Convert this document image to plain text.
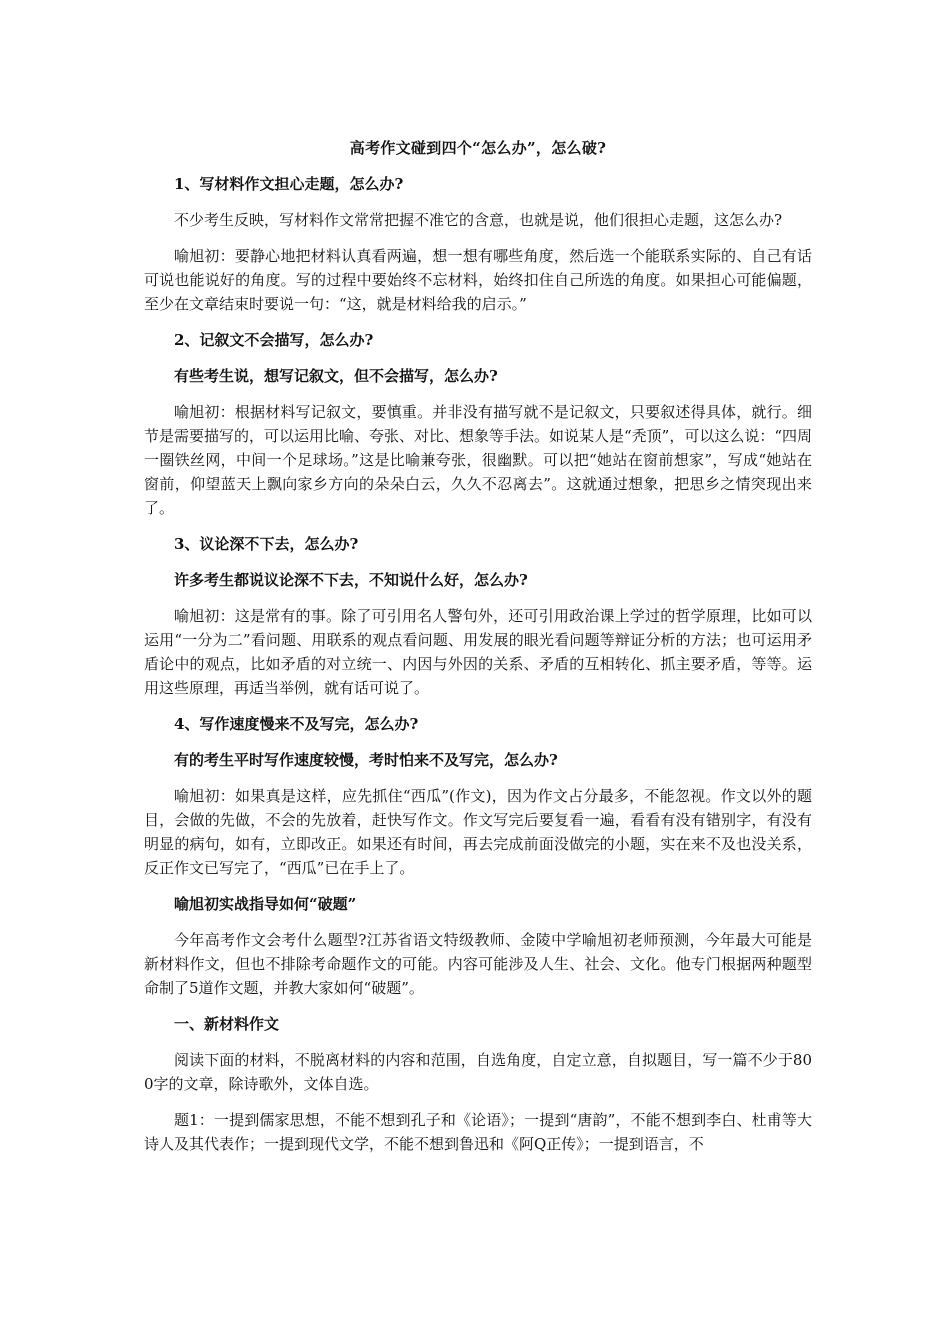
高考作文碰到四个“怎么办”，怎么破?
1、写材料作文担心走题，怎么办?
不少考生反映，写材料作文常常把握不准它的含意，也就是说，他们很担心走题，这怎么办?
喻旭初：要静心地把材料认真看两遍，想一想有哪些角度，然后选一个能联系实际的、自己有话可说也能说好的角度。写的过程中要始终不忘材料，始终扣住自己所选的角度。如果担心可能偏题，至少在文章结束时要说一句：“这，就是材料给我的启示。”
2、记叙文不会描写，怎么办?
有些考生说，想写记叙文，但不会描写，怎么办?
喻旭初：根据材料写记叙文，要慎重。并非没有描写就不是记叙文，只要叙述得具体，就行。细节是需要描写的，可以运用比喻、夸张、对比、想象等手法。如说某人是“秃顶”，可以这么说：“四周一圈铁丝网，中间一个足球场。”这是比喻兼夸张，很幽默。可以把“她站在窗前想家”，写成“她站在窗前，仰望蓝天上飘向家乡方向的朵朵白云，久久不忍离去”。这就通过想象，把思乡之情突现出来了。
3、议论深不下去，怎么办?
许多考生都说议论深不下去，不知说什么好，怎么办?
喻旭初：这是常有的事。除了可引用名人警句外，还可引用政治课上学过的哲学原理，比如可以运用“一分为二”看问题、用联系的观点看问题、用发展的眼光看问题等辩证分析的方法；也可运用矛盾论中的观点，比如矛盾的对立统一、内因与外因的关系、矛盾的互相转化、抓主要矛盾，等等。运用这些原理，再适当举例，就有话可说了。
4、写作速度慢来不及写完，怎么办?
有的考生平时写作速度较慢，考时怕来不及写完，怎么办?
喻旭初：如果真是这样，应先抓住“西瓜”(作文)，因为作文占分最多，不能忽视。作文以外的题目，会做的先做，不会的先放着，赶快写作文。作文写完后要复看一遍，看看有没有错别字，有没有明显的病句，如有，立即改正。如果还有时间，再去完成前面没做完的小题，实在来不及也没关系，反正作文已写完了，“西瓜”已在手上了。
喻旭初实战指导如何“破题”
今年高考作文会考什么题型?江苏省语文特级教师、金陵中学喻旭初老师预测，今年最大可能是新材料作文，但也不排除考命题作文的可能。内容可能涉及人生、社会、文化。他专门根据两种题型命制了5道作文题，并教大家如何“破题”。
一、新材料作文
阅读下面的材料，不脱离材料的内容和范围，自选角度，自定立意，自拟题目，写一篇不少于800字的文章，除诗歌外，文体自选。
题1：一提到儒家思想，不能不想到孔子和《论语》；一提到“唐韵”，不能不想到李白、杜甫等大诗人及其代表作；一提到现代文学，不能不想到鲁迅和《阿Q正传》；一提到语言，不
